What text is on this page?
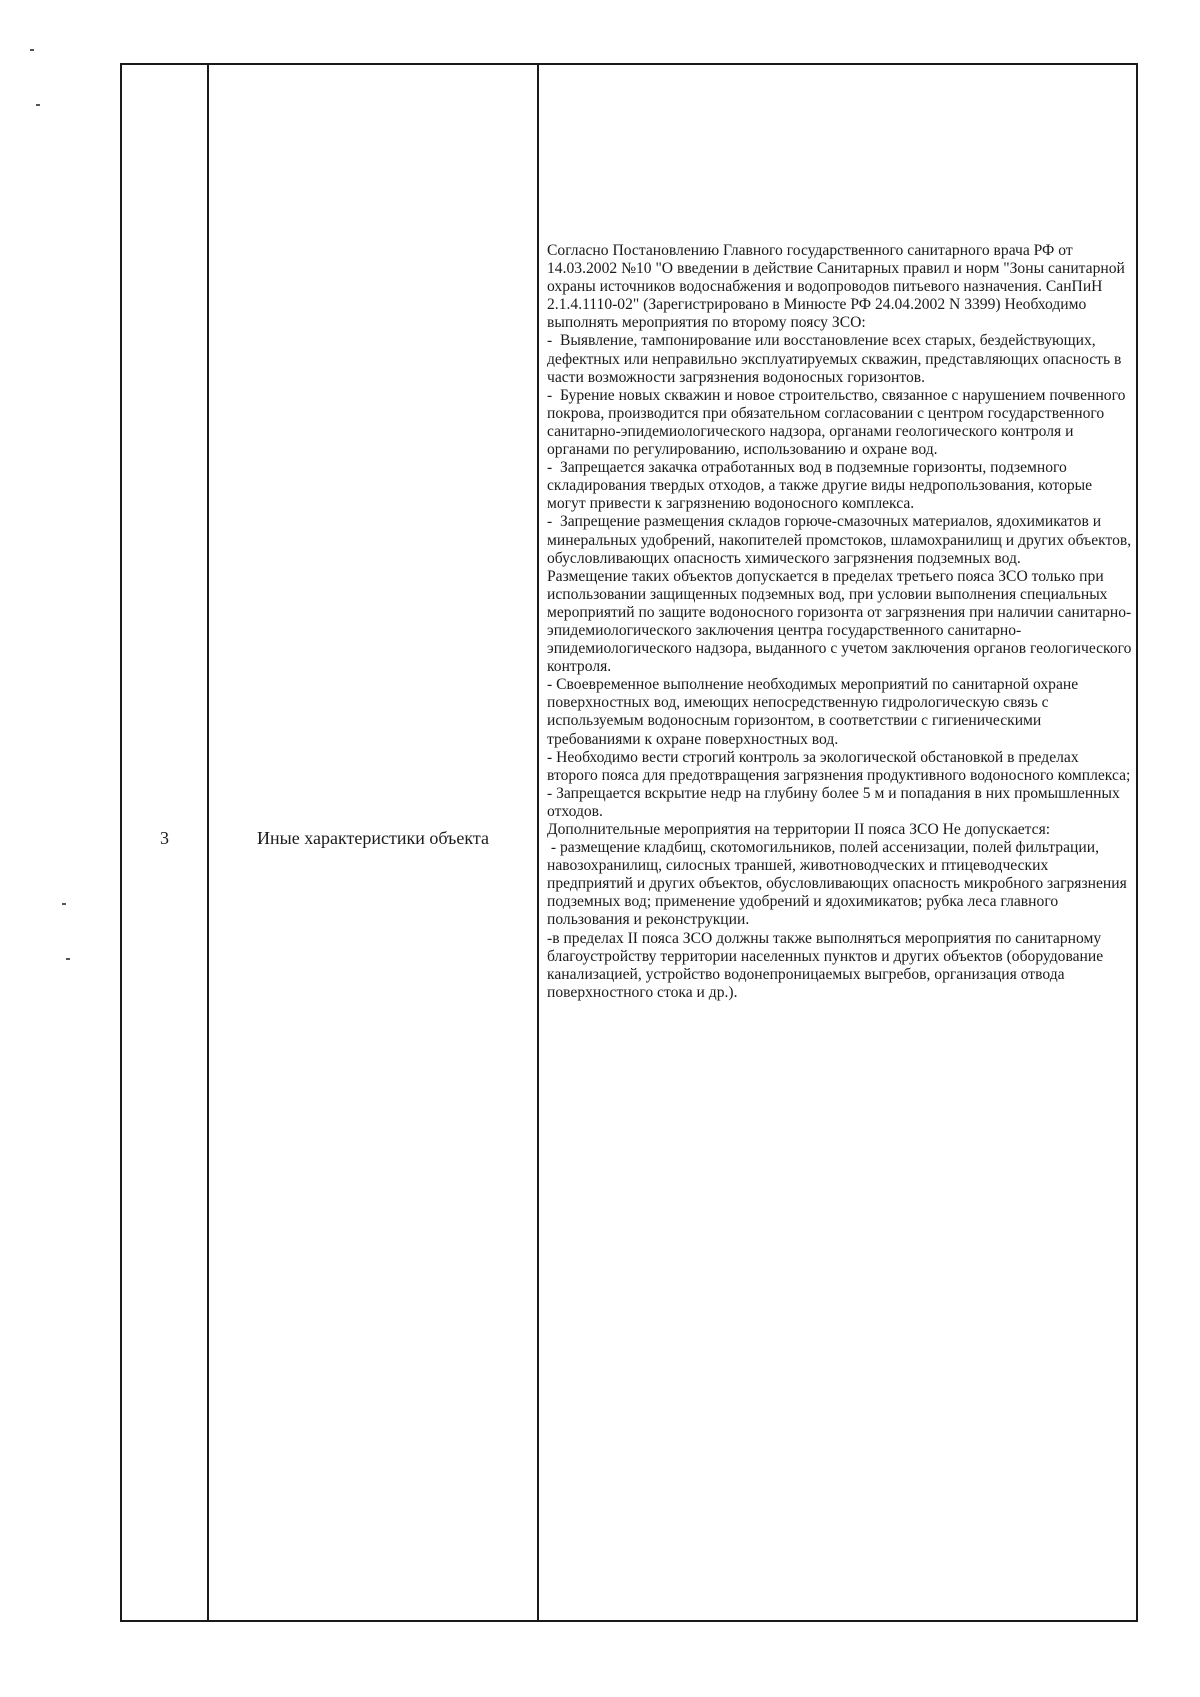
3	Иные характеристики объекта

Согласно Постановлению Главного государственного санитарного врача РФ от 14.03.2002 №10 "О введении в действие Санитарных правил и норм "Зоны санитарной охраны источников водоснабжения и водопроводов питьевого назначения. СанПиН 2.1.4.1110-02" (Зарегистрировано в Минюсте РФ 24.04.2002 N 3399) Необходимо выполнять мероприятия по второму поясу ЗСО:

-  Выявление, тампонирование или восстановление всех старых, бездействующих, дефектных или неправильно эксплуатируемых скважин, представляющих опасность в части возможности загрязнения водоносных горизонтов.

-  Бурение новых скважин и новое строительство, связанное с нарушением почвенного покрова, производится при обязательном согласовании с центром государственного санитарно-эпидемиологического надзора, органами геологического контроля и органами по регулированию, использованию и охране вод.

-  Запрещается закачка отработанных вод в подземные горизонты, подземного складирования твердых отходов, а также другие виды недропользования, которые могут привести к загрязнению водоносного комплекса.

-  Запрещение размещения складов горюче-смазочных материалов, ядохимикатов и минеральных удобрений, накопителей промстоков, шламохранилищ и других объектов, обусловливающих опасность химического загрязнения подземных вод.

Размещение таких объектов допускается в пределах третьего пояса ЗСО только при использовании защищенных подземных вод, при условии выполнения специальных мероприятий по защите водоносного горизонта от загрязнения при наличии санитарно-эпидемиологического заключения центра государственного санитарно-эпидемиологического надзора, выданного с учетом заключения органов геологического контроля.

- Своевременное выполнение необходимых мероприятий по санитарной охране поверхностных вод, имеющих непосредственную гидрологическую связь с используемым водоносным горизонтом, в соответствии с гигиеническими требованиями к охране поверхностных вод.

- Необходимо вести строгий контроль за экологической обстановкой в пределах второго пояса для предотвращения загрязнения продуктивного водоносного комплекса;

- Запрещается вскрытие недр на глубину более 5 м и попадания в них промышленных отходов.

Дополнительные мероприятия на территории II пояса ЗСО Не допускается:

- размещение кладбищ, скотомогильников, полей ассенизации, полей фильтрации, навозохранилищ, силосных траншей, животноводческих и птицеводческих предприятий и других объектов, обусловливающих опасность микробного загрязнения подземных вод; применение удобрений и ядохимикатов; рубка леса главного пользования и реконструкции.

-в пределах II пояса ЗСО должны также выполняться мероприятия по санитарному благоустройству территории населенных пунктов и других объектов (оборудование канализацией, устройство водонепроницаемых выгребов, организация отвода поверхностного стока и др.).
